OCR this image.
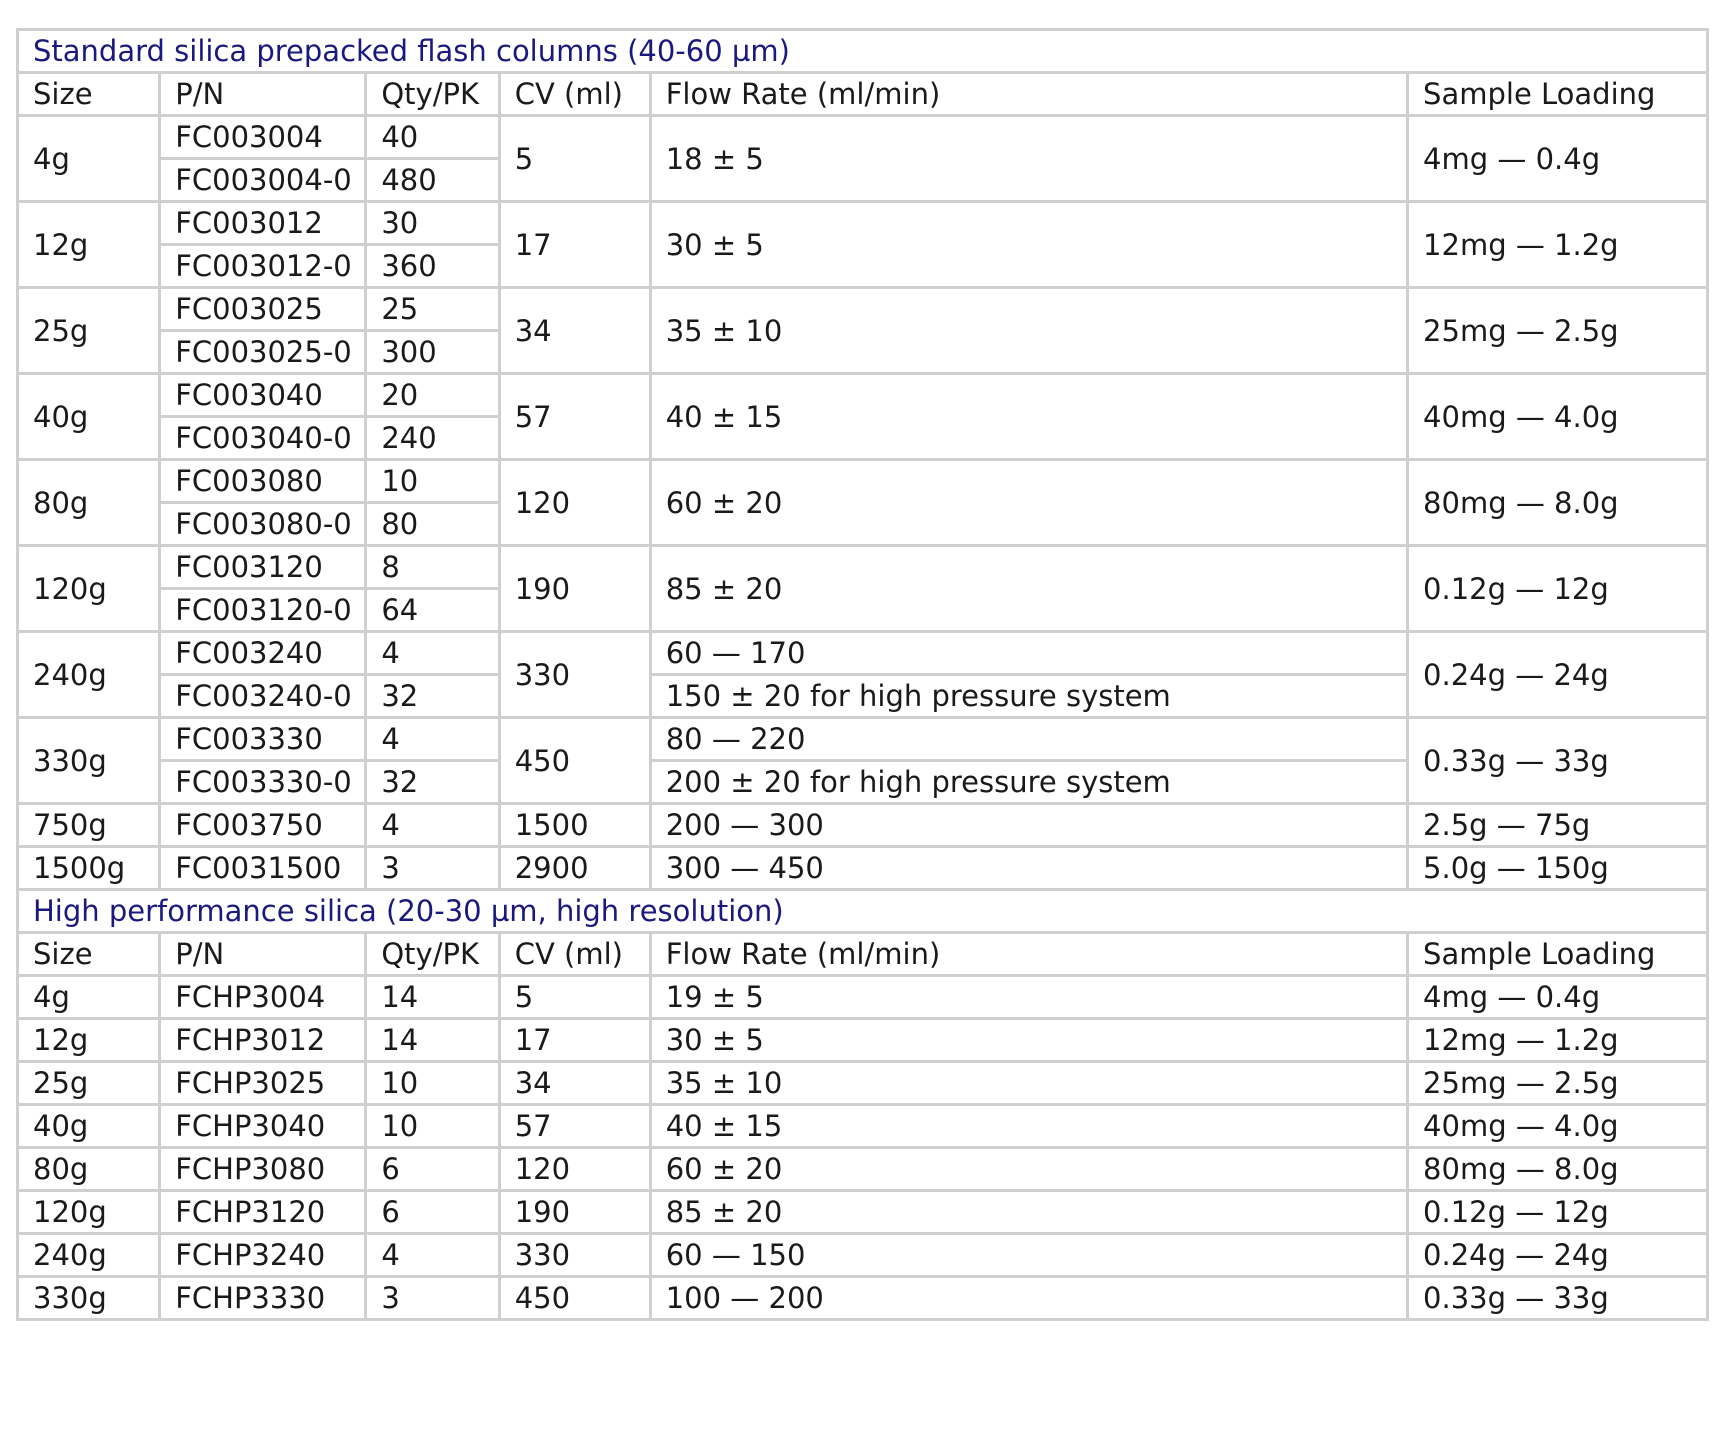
Standard silica prepacked flash columns (40-60 µm)					
Size	P/N	Qty/PK	CV (ml)	Flow Rate (ml/min)	Sample Loading
4g	FC003004	40	5	18 ± 5	4mg — 0.4g
	FC003004-0	480			
12g	FC003012	30	17	30 ± 5	12mg — 1.2g
	FC003012-0	360			
25g	FC003025	25	34	35 ± 10	25mg — 2.5g
	FC003025-0	300			
40g	FC003040	20	57	40 ± 15	40mg — 4.0g
	FC003040-0	240			
80g	FC003080	10	120	60 ± 20	80mg — 8.0g
	FC003080-0	80			
120g	FC003120	8	190	85 ± 20	0.12g — 12g
	FC003120-0	64			
240g	FC003240	4	330	60 — 170	0.24g — 24g
	FC003240-0	32		150 ± 20 for high pressure system	
330g	FC003330	4	450	80 — 220	0.33g — 33g
	FC003330-0	32		200 ± 20 for high pressure system	
750g	FC003750	4	1500	200 — 300	2.5g — 75g
1500g	FC0031500	3	2900	300 — 450	5.0g — 150g
High performance silica (20-30 µm, high resolution)					
Size	P/N	Qty/PK	CV (ml)	Flow Rate (ml/min)	Sample Loading
4g	FCHP3004	14	5	19 ± 5	4mg — 0.4g
12g	FCHP3012	14	17	30 ± 5	12mg — 1.2g
25g	FCHP3025	10	34	35 ± 10	25mg — 2.5g
40g	FCHP3040	10	57	40 ± 15	40mg — 4.0g
80g	FCHP3080	6	120	60 ± 20	80mg — 8.0g
120g	FCHP3120	6	190	85 ± 20	0.12g — 12g
240g	FCHP3240	4	330	60 — 150	0.24g — 24g
330g	FCHP3330	3	450	100 — 200	0.33g — 33g
